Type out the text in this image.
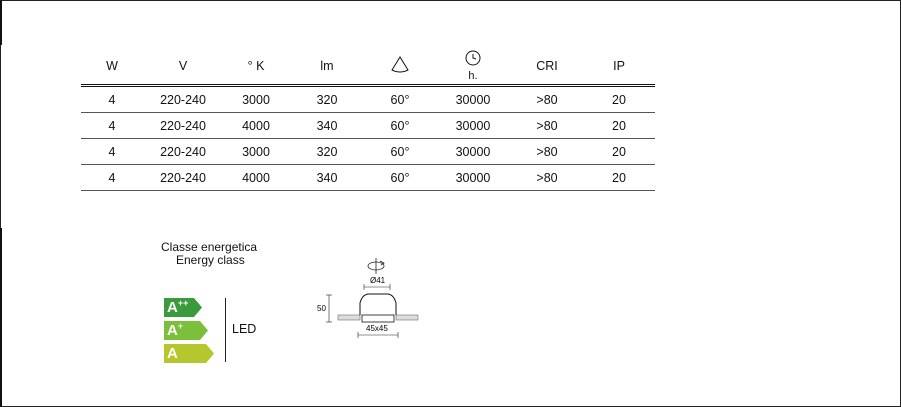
W	V	° K	lm		h.	CRI	IP
4	220-240	3000	320	60°	30000	>80	20
4	220-240	4000	340	60°	30000	>80	20
4	220-240	3000	320	60°	30000	>80	20
4	220-240	4000	340	60°	30000	>80	20
Classe energetica
Energy class
A++
A+
A
LED
Ø41
50
45x45
